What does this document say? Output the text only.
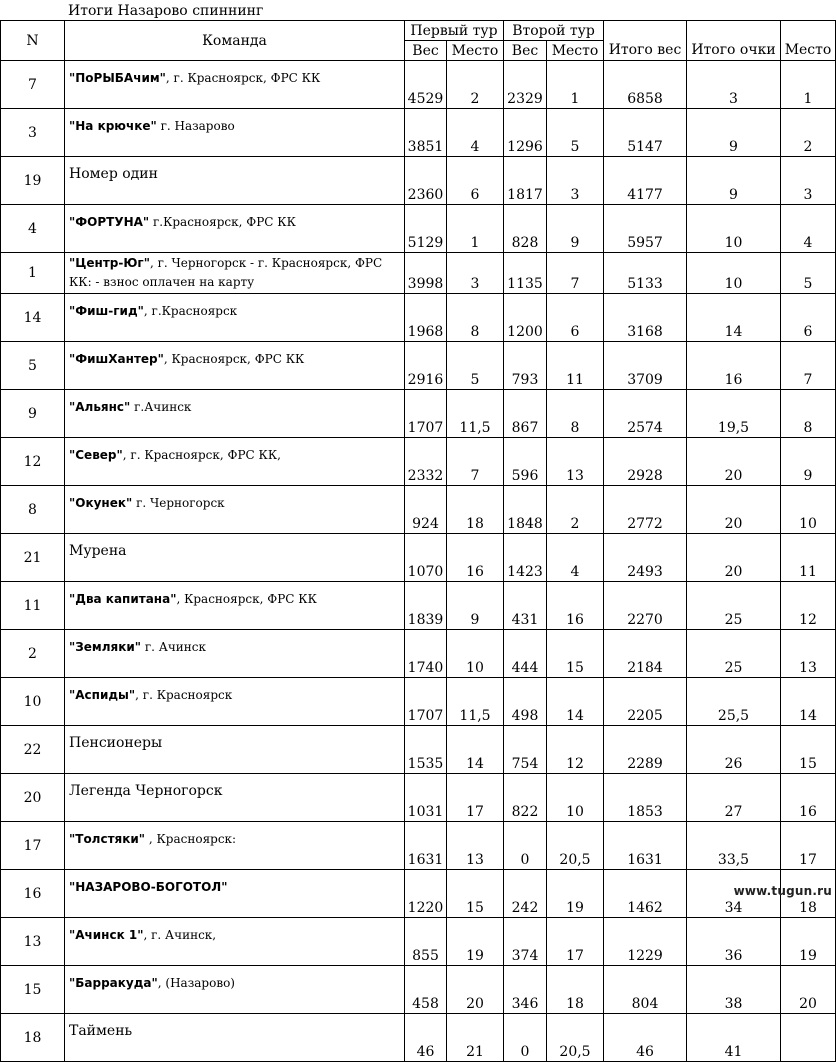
Итоги Назарово спиннинг
N	Команда	Первый тур		Второй тур		Итого вес	Итого очки	Место
		Вес	Место	Вес	Место			
7	"ПоРЫБАчим", г. Красноярск, ФРС КК	4529	2	2329	1	6858	3	1
3	"На крючке" г. Назарово	3851	4	1296	5	5147	9	2
19	Номер один	2360	6	1817	3	4177	9	3
4	"ФОРТУНА" г.Красноярск, ФРС КК	5129	1	828	9	5957	10	4
1	"Центр-Юг", г. Черногорск - г. Красноярск, ФРС КК: - взнос оплачен на карту	3998	3	1135	7	5133	10	5
14	"Фиш-гид", г.Красноярск	1968	8	1200	6	3168	14	6
5	"ФишХантер", Красноярск, ФРС КК	2916	5	793	11	3709	16	7
9	"Альянс" г.Ачинск	1707	11,5	867	8	2574	19,5	8
12	"Север", г. Красноярск, ФРС КК,	2332	7	596	13	2928	20	9
8	"Окунек" г. Черногорск	924	18	1848	2	2772	20	10
21	Мурена	1070	16	1423	4	2493	20	11
11	"Два капитана", Красноярск, ФРС КК	1839	9	431	16	2270	25	12
2	"Земляки" г. Ачинск	1740	10	444	15	2184	25	13
10	"Аспиды", г. Красноярск	1707	11,5	498	14	2205	25,5	14
22	Пенсионеры	1535	14	754	12	2289	26	15
20	Легенда Черногорск	1031	17	822	10	1853	27	16
17	"Толстяки" , Красноярск:	1631	13	0	20,5	1631	33,5	17
16	"НАЗАРОВО-БОГОТОЛ"	1220	15	242	19	1462	34	18
13	"Ачинск 1", г. Ачинск,	855	19	374	17	1229	36	19
15	"Барракуда", (Назарово)	458	20	346	18	804	38	20
18	Таймень	46	21	0	20,5	46	41	
www.tugun.ru
